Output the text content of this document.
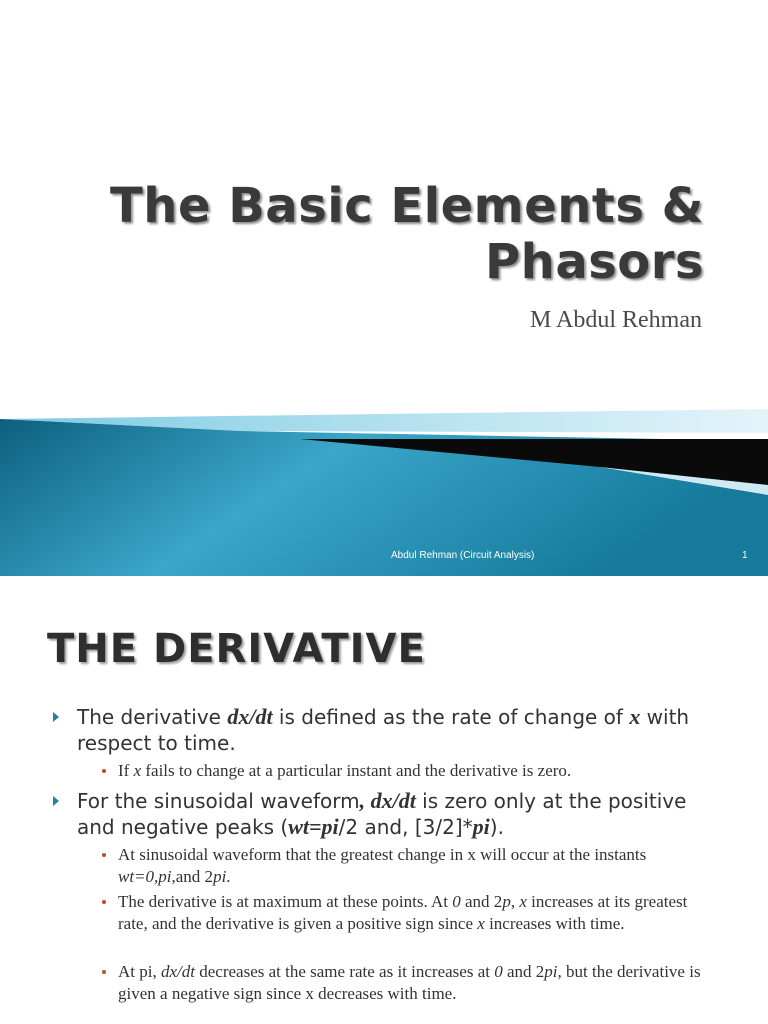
The Basic Elements &
Phasors
M Abdul Rehman
Abdul Rehman (Circuit Analysis)	1
THE DERIVATIVE
The derivative dx/dt is defined as the rate of change of x with respect to time.
If x fails to change at a particular instant and the derivative is zero.
For the sinusoidal waveform, dx/dt is zero only at the positive and negative peaks (wt=pi/2 and, [3/2]*pi).
At sinusoidal waveform that the greatest change in x will occur at the instants wt=0,pi,and 2pi.
The derivative is at maximum at these points. At 0 and 2p, x increases at its greatest rate, and the derivative is given a positive sign since x increases with time.
At pi, dx/dt decreases at the same rate as it increases at 0 and 2pi, but the derivative is given a negative sign since x decreases with time.
